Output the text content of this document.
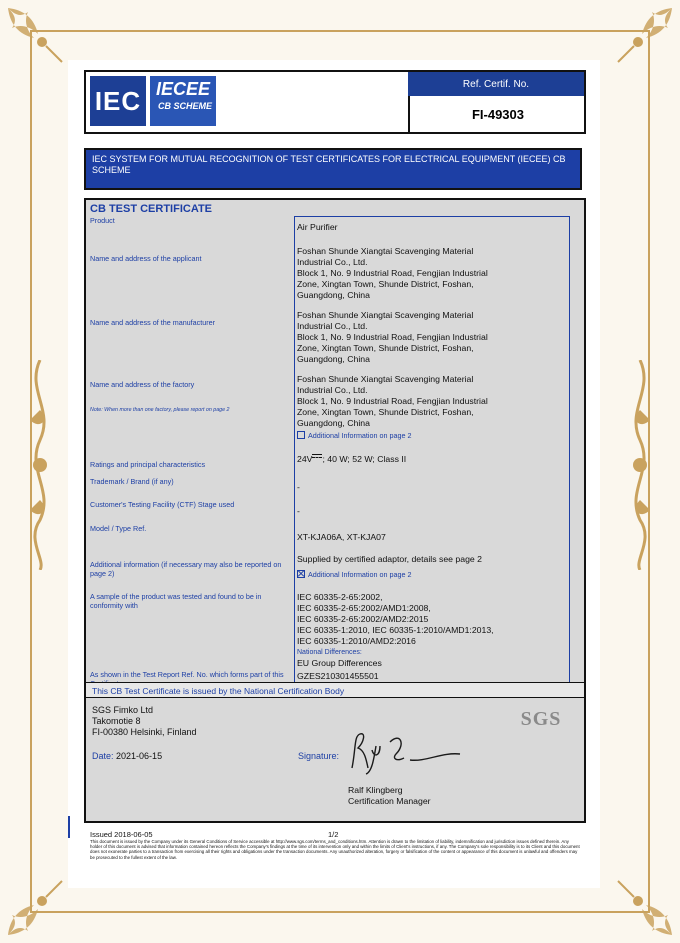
IEC IECEE
CB SCHEME
Ref. Certif. No.
FI-49303
IEC SYSTEM FOR MUTUAL RECOGNITION OF TEST CERTIFICATES FOR ELECTRICAL EQUIPMENT (IECEE) CB SCHEME
CB TEST CERTIFICATE
Product
Air Purifier
Name and address of the applicant
Foshan Shunde Xiangtai Scavenging Material
Industrial Co., Ltd.
Block 1, No. 9 Industrial Road, Fengjian Industrial
Zone, Xingtan Town, Shunde District, Foshan,
Guangdong, China
Name and address of the manufacturer
Foshan Shunde Xiangtai Scavenging Material
Industrial Co., Ltd.
Block 1, No. 9 Industrial Road, Fengjian Industrial
Zone, Xingtan Town, Shunde District, Foshan,
Guangdong, China
Name and address of the factory
Note: When more than one factory, please report on page 2
Foshan Shunde Xiangtai Scavenging Material
Industrial Co., Ltd.
Block 1, No. 9 Industrial Road, Fengjian Industrial
Zone, Xingtan Town, Shunde District, Foshan,
Guangdong, China
Additional Information on page 2
Ratings and principal characteristics
24V ; 40 W; 52 W; Class II
Trademark / Brand (if any)
-
Customer's Testing Facility (CTF) Stage used
-
Model / Type Ref.
XT-KJA06A, XT-KJA07
Additional information (if necessary may also be reported on page 2)
Supplied by certified adaptor, details see page 2
Additional Information on page 2
A sample of the product was tested and found to be in conformity with
IEC 60335-2-65:2002,
IEC 60335-2-65:2002/AMD1:2008,
IEC 60335-2-65:2002/AMD2:2015
IEC 60335-1:2010, IEC 60335-1:2010/AMD1:2013,
IEC 60335-1:2010/AMD2:2016
National Differences:
EU Group Differences
As shown in the Test Report Ref. No. which forms part of this GZES210301455501
This CB Test Certificate is issued by the National Certification Body
SGS Fimko Ltd
Takomotie 8
FI-00380 Helsinki, Finland
SGS
Date: 2021-06-15	Signature:
Ralf Klingberg
Certification Manager
Issued 2018-06-05	1/2
This document is issued by the Company under its General Conditions of Service accessible at http://www.sgs.com/terms_and_conditions.htm. Attention is drawn to the limitation of liability, indemnification and jurisdiction issues defined therein. Any holder of this document is advised that information contained hereon reflects the Company's findings at the time of its intervention only and within the limits of Client's instructions, if any. The Company's sole responsibility is to its Client and this document does not exonerate parties to a transaction from exercising all their rights and obligations under the transaction documents. Any unauthorized alteration, forgery or falsification of the content or appearance of this document is unlawful and offenders may be prosecuted to the fullest extent of the law.
